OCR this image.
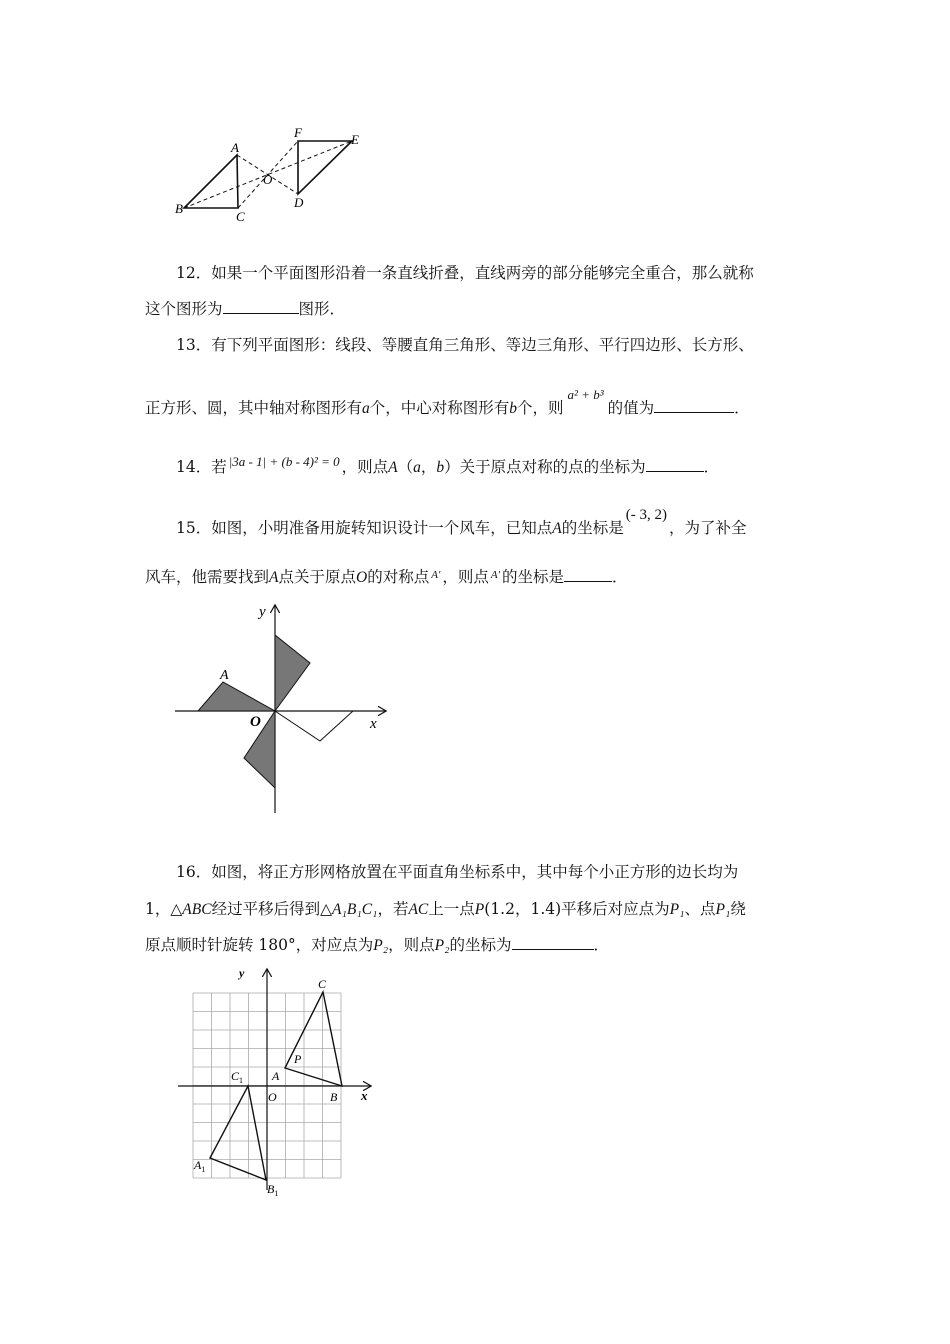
A
B
C
D
E
F
O
12．如果一个平面图形沿着一条直线折叠，直线两旁的部分能够完全重合，那么就称
这个图形为	图形．
13．有下列平面图形：线段、等腰直角三角形、等边三角形、平行四边形、长方形、
正方形、圆，其中轴对称图形有a个，中心对称图形有b个，则$^{a^2 + b^3}$的值为	．
14．若 $^{|3a - 1| + (b - 4)^2 = 0}$ ，则点A（a，b）关于原点对称的点的坐标为	．
15．如图，小明准备用旋转知识设计一个风车，已知点A的坐标是(- 3, 2)，为了补全
风车，他需要找到A点关于原点O的对称点 $^{A'}$ ，则点 $^{A'}$ 的坐标是	．
y
x
O
A
16．如图，将正方形网格放置在平面直角坐标系中，其中每个小正方形的边长均为
1，△ABC经过平移后得到△A₁B₁C₁，若AC上一点P(1.2，1.4)平移后对应点为P₁、点P₁绕
原点顺时针旋转 180°，对应点为P₂，则点P₂的坐标为	．
y
x
O
A
B
C
P
$C_1$
$A_1$
$B_1$
